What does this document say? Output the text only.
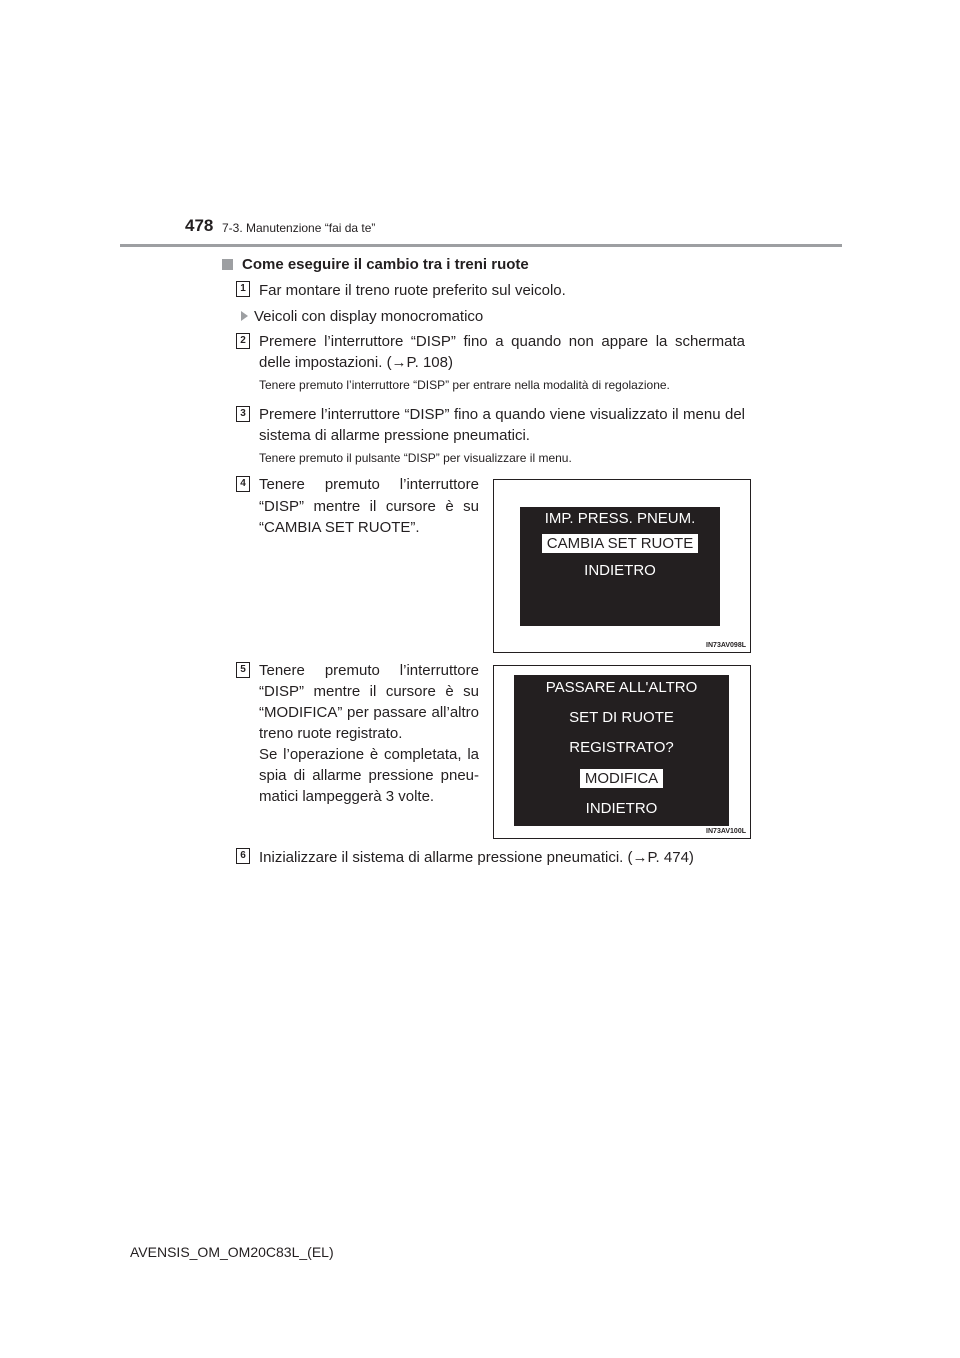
478 7-3. Manutenzione “fai da te”
Come eseguire il cambio tra i treni ruote
1 Far montare il treno ruote preferito sul veicolo.
Veicoli con display monocromatico
2 Premere l’interruttore “DISP” fino a quando non appare la schermata delle impostazioni. (→P. 108)
Tenere premuto l’interruttore “DISP” per entrare nella modalità di regolazione.
3 Premere l’interruttore “DISP” fino a quando viene visualizzato il menu del sistema di allarme pressione pneumatici.
Tenere premuto il pulsante “DISP” per visualizzare il menu.
4 Tenere premuto l’interruttore “DISP” mentre il cursore è su “CAMBIA SET RUOTE”.
IMP. PRESS. PNEUM.
CAMBIA SET RUOTE
INDIETRO
IN73AV098L
5 Tenere premuto l’interruttore “DISP” mentre il cursore è su “MODIFICA” per passare all’altro treno ruote registrato.
Se l’operazione è completata, la spia di allarme pressione pneu-matici lampeggerà 3 volte.
PASSARE ALL'ALTRO
SET DI RUOTE
REGISTRATO?
MODIFICA
INDIETRO
IN73AV100L
6 Inizializzare il sistema di allarme pressione pneumatici. (→P. 474)
AVENSIS_OM_OM20C83L_(EL)
